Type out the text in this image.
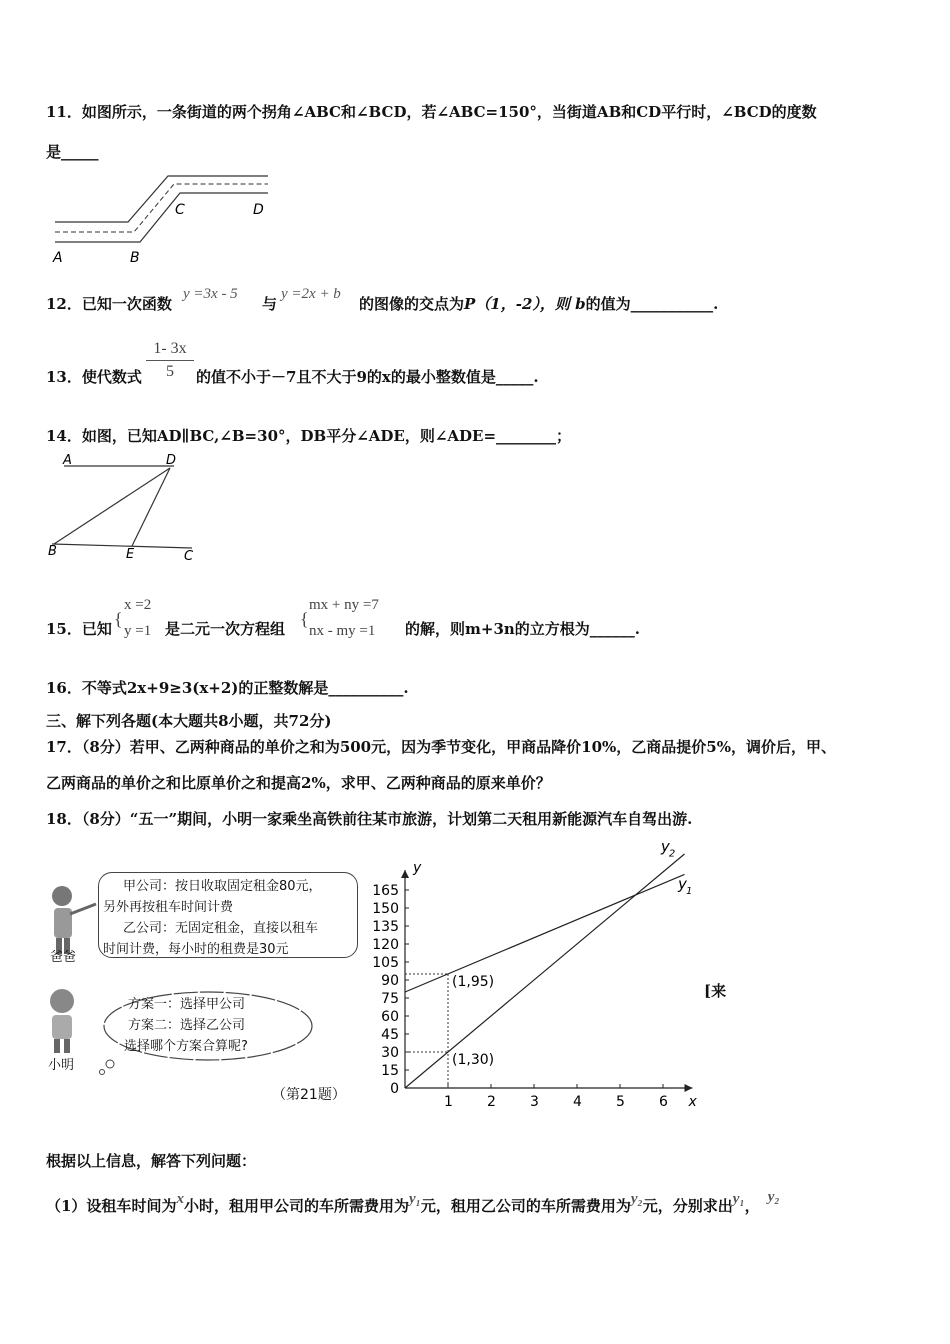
11．如图所示，一条街道的两个拐角∠ABC和∠BCD，若∠ABC=150°，当街道AB和CD平行时，∠BCD的度数
是_____
A	B
C	D
12．已知一次函数
y =3x - 5
与
y =2x + b
的图像的交点为P（1，-2），则 b的值为___________.
13．使代数式
1- 3x
5	的值不小于－7且不大于9的x的最小整数值是_____.
14．如图，已知AD∥BC,∠B=30°，DB平分∠ADE，则∠ADE=________；
A	D
B	E	C
15．已知 {
x =2
y =1 是二元一次方程组 {
mx + ny =7
nx - my =1 的解，则m+3n的立方根为______.
16．不等式2x+9≥3(x+2)的正整数解是__________.
三、解下列各题(本大题共8小题，共72分)
17．（8分）若甲、乙两种商品的单价之和为500元，因为季节变化，甲商品降价10%，乙商品提价5%，调价后，甲、
乙两商品的单价之和比原单价之和提高2%，求甲、乙两种商品的原来单价？
18．（8分）“五一”期间，小明一家乘坐高铁前往某市旅游，计划第二天租用新能源汽车自驾出游.
爸爸
甲公司：按日收取固定租金80元，
另外再按租车时间计费
乙公司：无固定租金，直接以租车
时间计费，每小时的租费是30元
小明
方案一：选择甲公司
方案二：选择乙公司
选择哪个方案合算呢?
（第21题）	x
y
1 2 3 4 5 6
0
15
30
45
60
75
90
105
120
135
150
165	y 1
y 2
(1,95)
(1,30)
[来
根据以上信息，解答下列问题：
（1）设租车时间为x小时，租用甲公司的车所需费用为y₁元，租用乙公司的车所需费用为y₂元，分别求出y₁， y₂
